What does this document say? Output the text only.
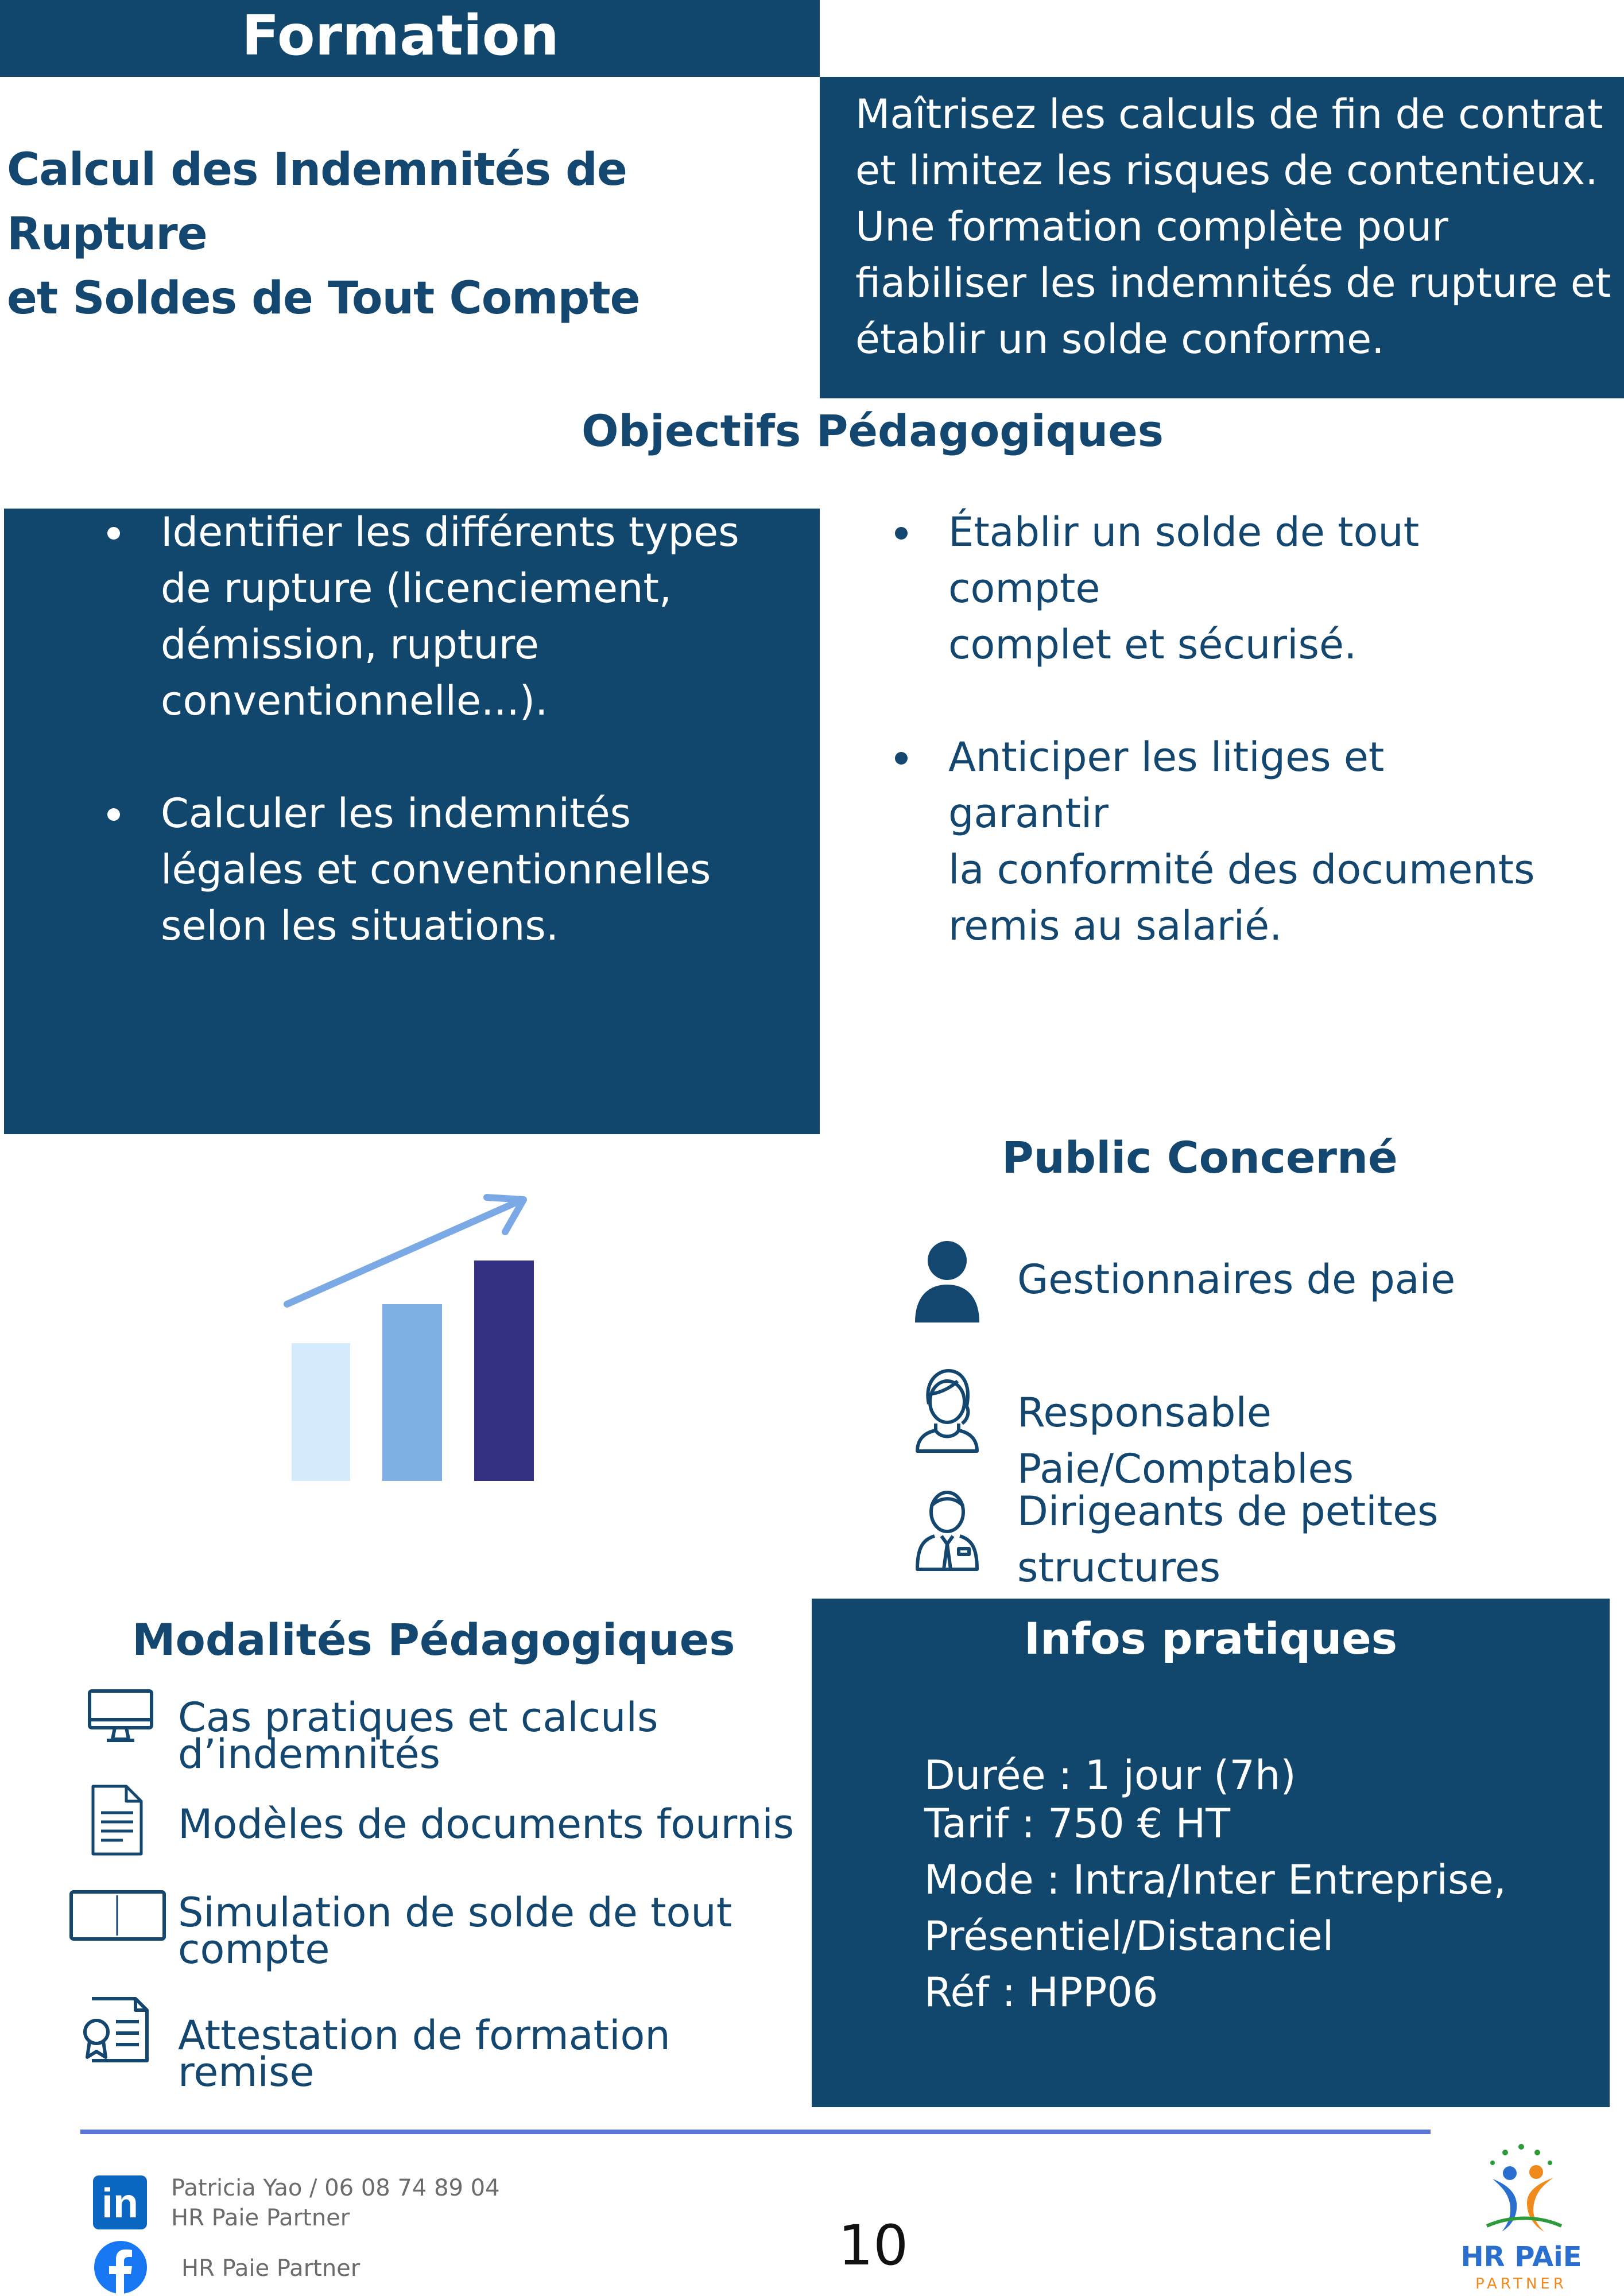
Formation
Calcul des Indemnités de Rupture
et Soldes de Tout Compte
Maîtrisez les calculs de fin de contrat
et limitez les risques de contentieux.
Une formation complète pour
fiabiliser les indemnités de rupture et
établir un solde conforme.
Objectifs Pédagogiques
Identifier les différents types
de rupture (licenciement,
démission, rupture
conventionnelle...).
Calculer les indemnités
légales et conventionnelles
selon les situations.
Établir un solde de tout compte
complet et sécurisé.
Anticiper les litiges et garantir
la conformité des documents
remis au salarié.
Public Concerné
Gestionnaires de paie
Responsable Paie/Comptables
Dirigeants de petites
structures
Modalités Pédagogiques
Cas pratiques et calculs
d’indemnités
Modèles de documents fournis
Simulation de solde de tout
compte
Attestation de formation remise
Infos pratiques
Durée : 1 jour (7h)
Tarif : 750 € HT
Mode : Intra/Inter Entreprise,
Présentiel/Distanciel
Réf : HPP06
in	Patricia Yao / 06 08 74 89 04
HR Paie Partner
HR Paie Partner	10	HR PAiE
PARTNER
